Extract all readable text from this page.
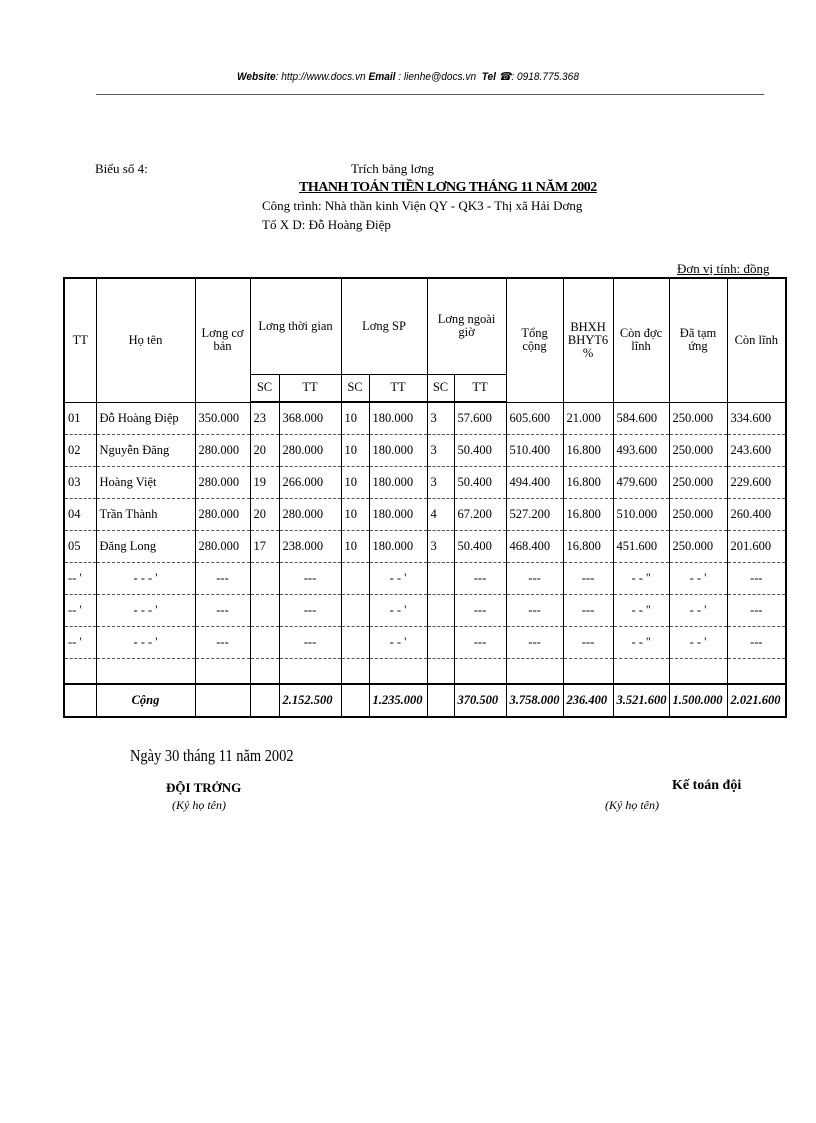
Website: http://www.docs.vn Email : lienhe@docs.vn Tel ☎: 0918.775.368
Biểu số 4:	Trích bảng lơng
THANH TOÁN TIỀN LƠNG THÁNG 11 NĂM 2002
Công trình: Nhà thần kinh Viện QY - QK3 - Thị xã Hải Dơng
Tổ X D: Đỗ Hoàng Điệp
Đơn vị tính: đồng
TT	Họ tên	Lơng cơ bản	Lơng thời gian		Lơng SP		Lơng ngoài giờ		Tổng cộng	BHXH BHYT6 %	Còn đợc lĩnh	Đã tạm ứng	Còn lĩnh
			SC	TT	SC	TT	SC	TT					
01	Đỗ Hoàng Điệp	350.000	23	368.000	10	180.000	3	57.600	605.600	21.000	584.600	250.000	334.600
02	Nguyễn Đăng	280.000	20	280.000	10	180.000	3	50.400	510.400	16.800	493.600	250.000	243.600
03	Hoàng Việt	280.000	19	266.000	10	180.000	3	50.400	494.400	16.800	479.600	250.000	229.600
04	Trần Thành	280.000	20	280.000	10	180.000	4	67.200	527.200	16.800	510.000	250.000	260.400
05	Đăng Long	280.000	17	238.000	10	180.000	3	50.400	468.400	16.800	451.600	250.000	201.600
-- '	- - - '	---		---		- - '		---	---	---	- - ''	- - '	---
-- '	- - - '	---		---		- - '		---	---	---	- - ''	- - '	---
-- '	- - - '	---		---		- - '		---	---	---	- - ''	- - '	---

	Cộng			2.152.500		1.235.000		370.500	3.758.000	236.400	3.521.600	1.500.000	2.021.600
Ngày 30 tháng 11 năm 2002
ĐỘI TRỞNG
(Ký họ tên)
Kế toán đội
(Ký họ tên)
